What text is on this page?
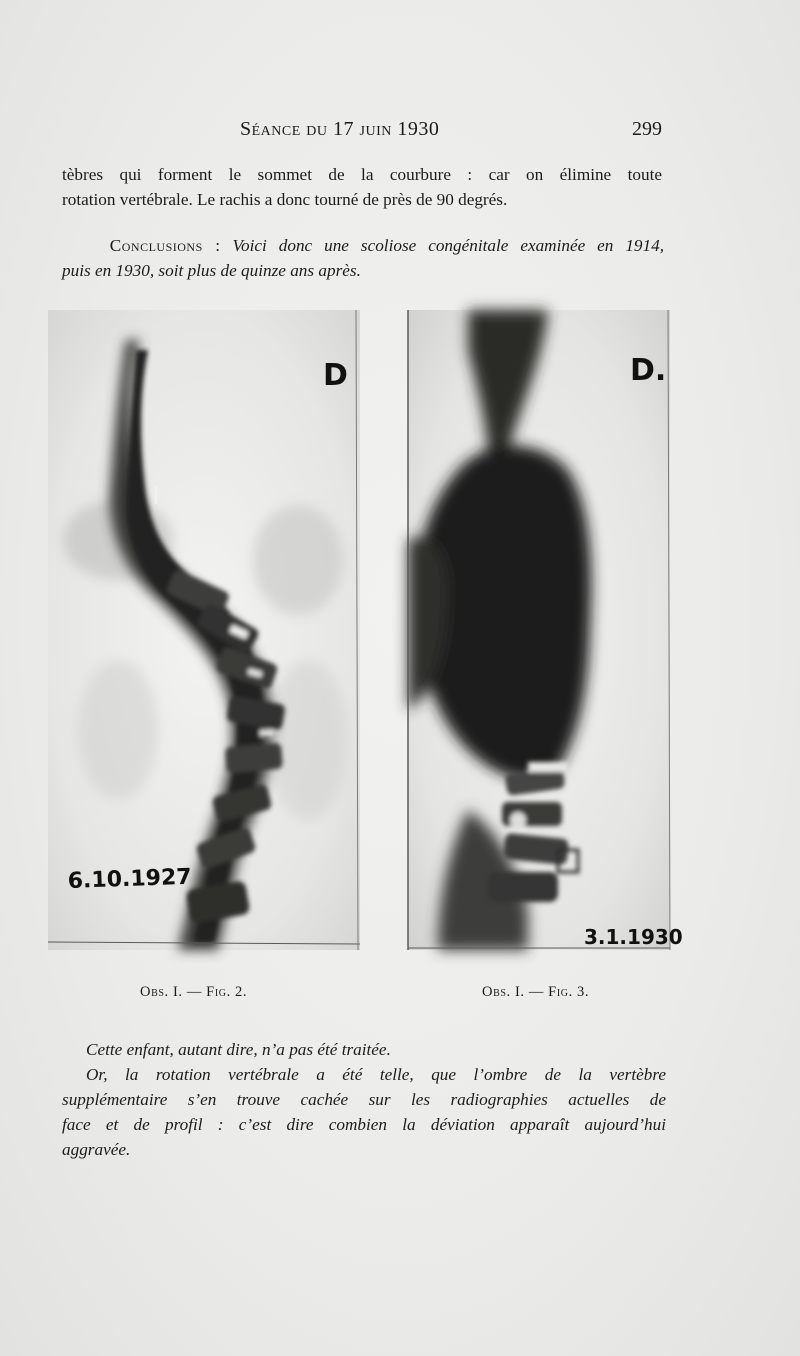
Séance du 17 juin 1930	299
tèbres qui forment le sommet de la courbure : car on élimine toute
rotation vertébrale. Le rachis a donc tourné de près de 90 degrés.
Conclusions : Voici donc une scoliose congénitale examinée en 1914,
puis en 1930, soit plus de quinze ans après.
D
6.10.1927
D.
3.1.1930
Obs. I. — Fig. 2.	Obs. I. — Fig. 3.
Cette enfant, autant dire, n’a pas été traitée.
Or, la rotation vertébrale a été telle, que l’ombre de la vertèbre
supplémentaire s’en trouve cachée sur les radiographies actuelles de
face et de profil : c’est dire combien la déviation apparaît aujourd’hui
aggravée.
